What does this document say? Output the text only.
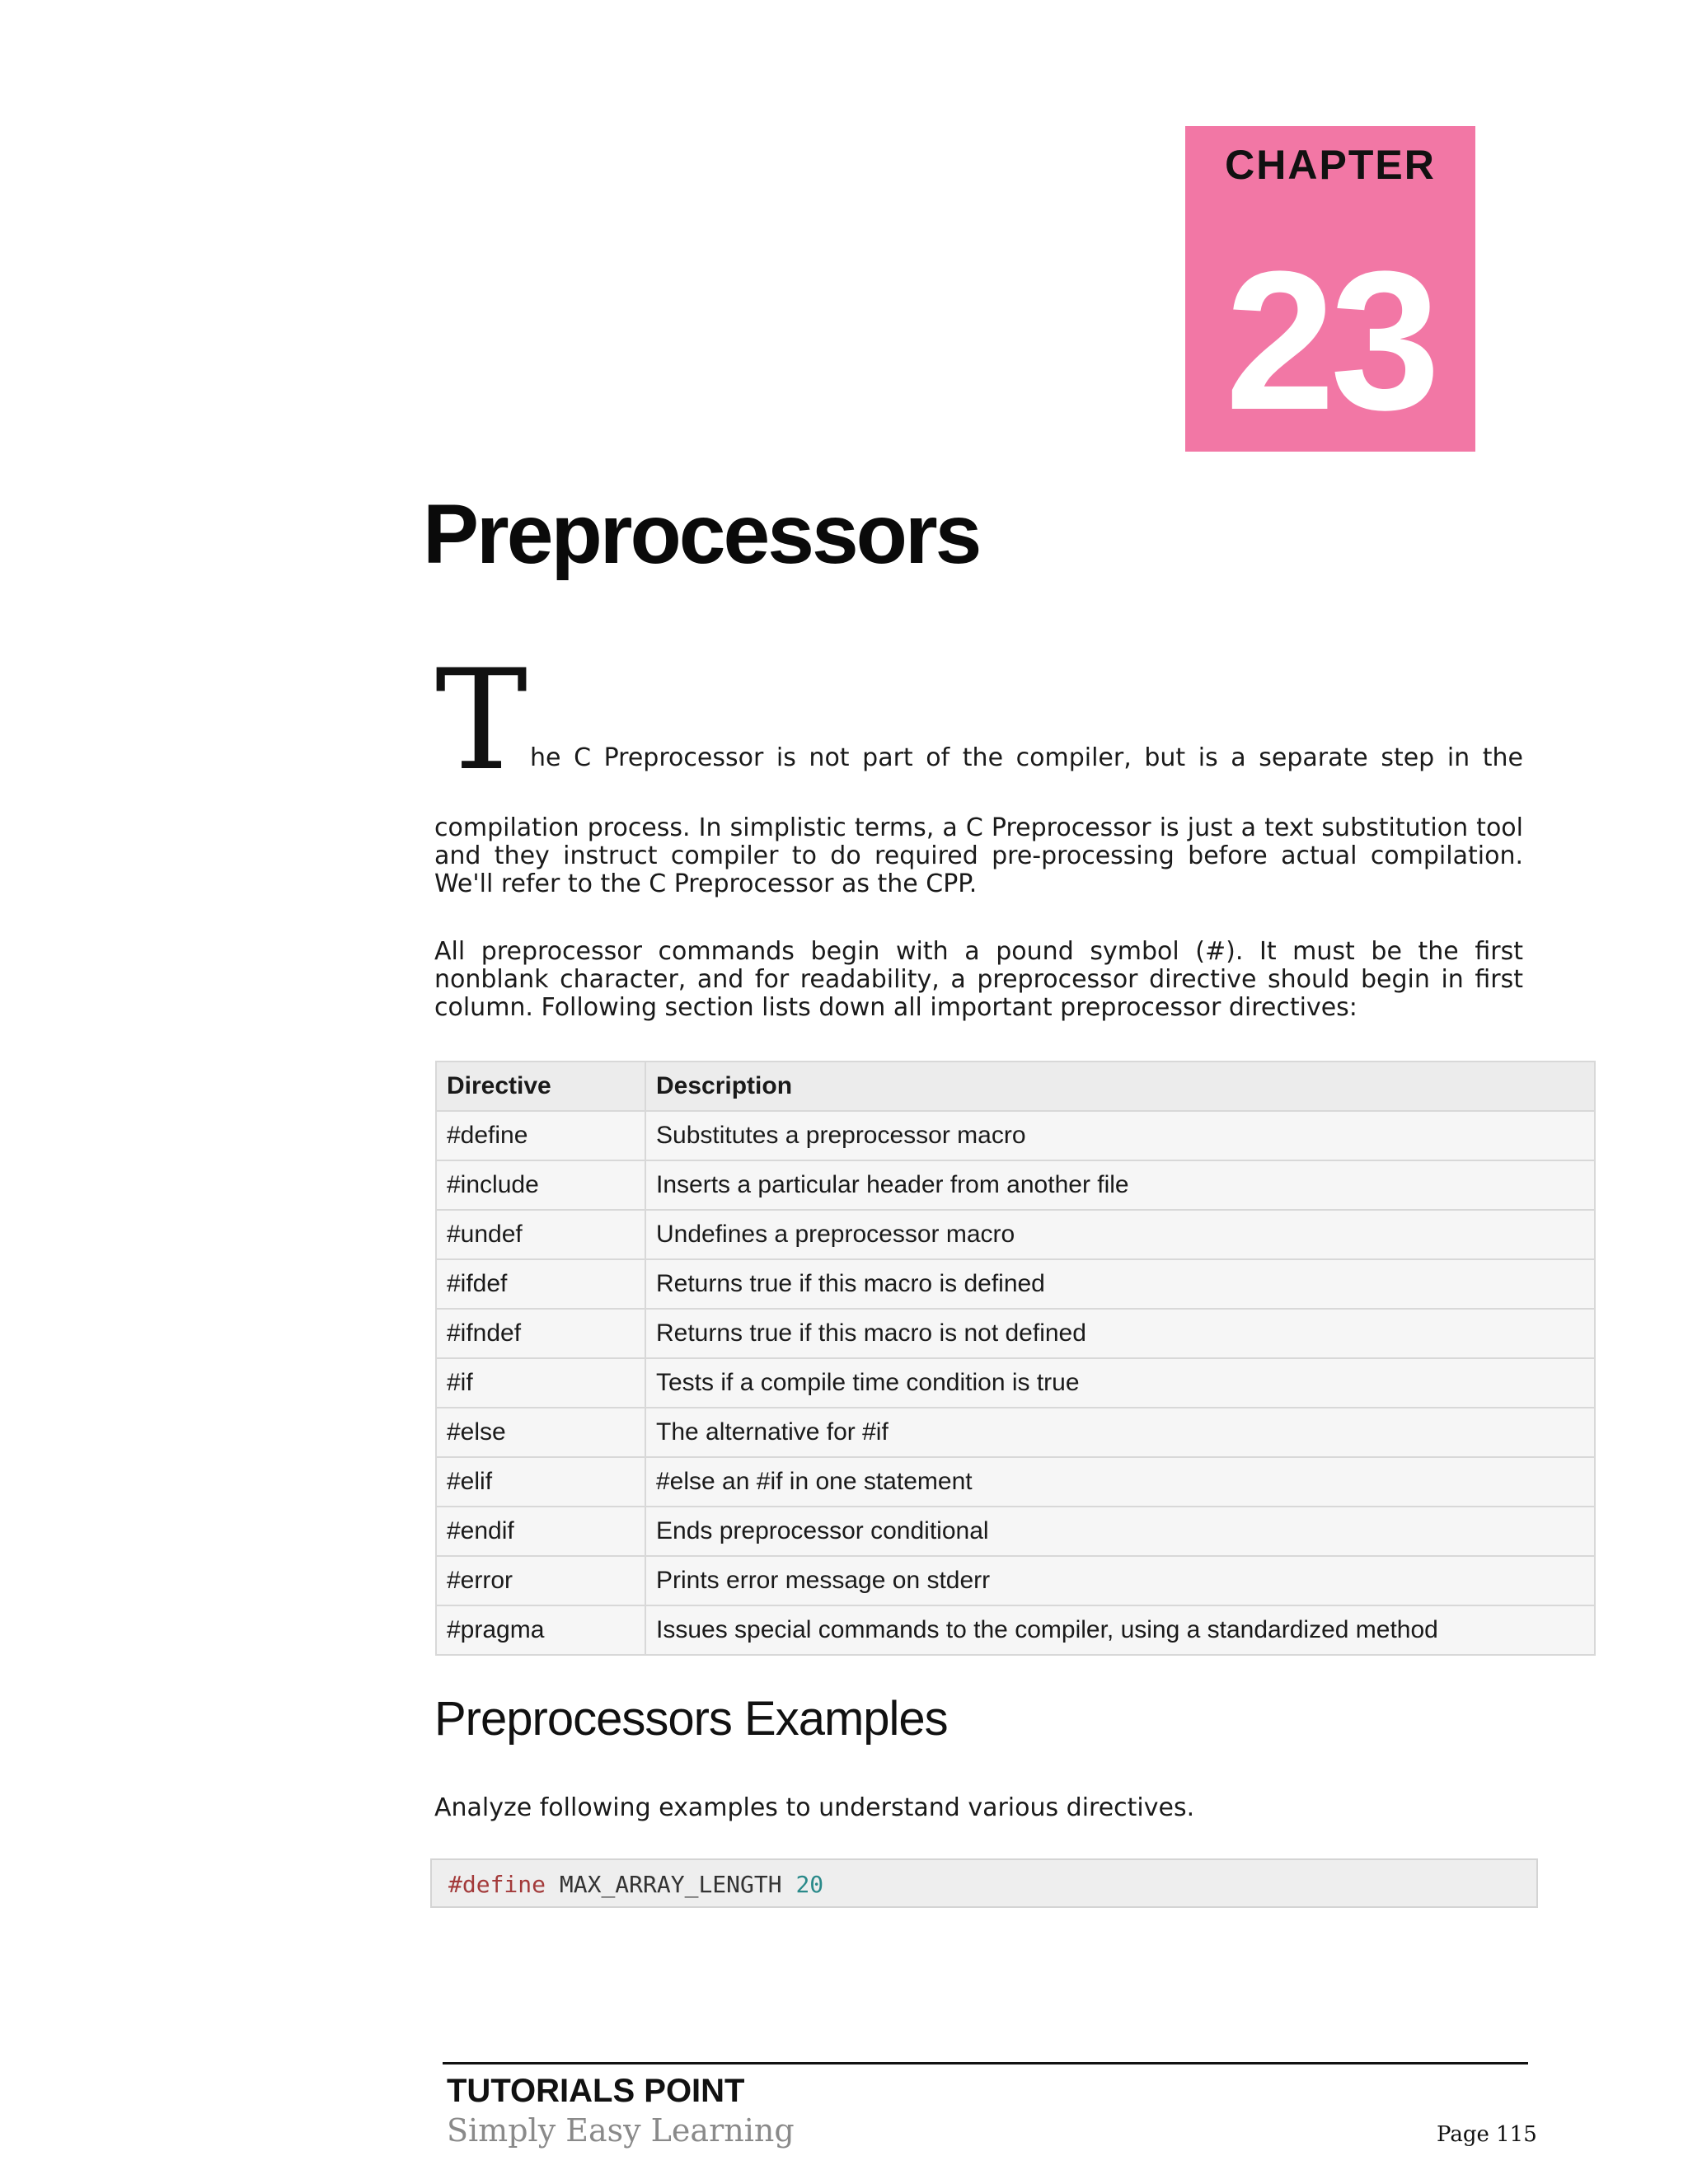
CHAPTER
23
Preprocessors
T he C Preprocessor is not part of the compiler, but is a separate step in the
compilation process. In simplistic terms, a C Preprocessor is just a text substitution tool and they instruct compiler to do required pre-processing before actual compilation. We'll refer to the C Preprocessor as the CPP.
All preprocessor commands begin with a pound symbol (#). It must be the first nonblank character, and for readability, a preprocessor directive should begin in first column. Following section lists down all important preprocessor directives:
Directive	Description
#define	Substitutes a preprocessor macro
#include	Inserts a particular header from another file
#undef	Undefines a preprocessor macro
#ifdef	Returns true if this macro is defined
#ifndef	Returns true if this macro is not defined
#if	Tests if a compile time condition is true
#else	The alternative for #if
#elif	#else an #if in one statement
#endif	Ends preprocessor conditional
#error	Prints error message on stderr
#pragma	Issues special commands to the compiler, using a standardized method
Preprocessors Examples
Analyze following examples to understand various directives.
#define MAX_ARRAY_LENGTH 20
TUTORIALS POINT
Simply Easy Learning	Page 115
